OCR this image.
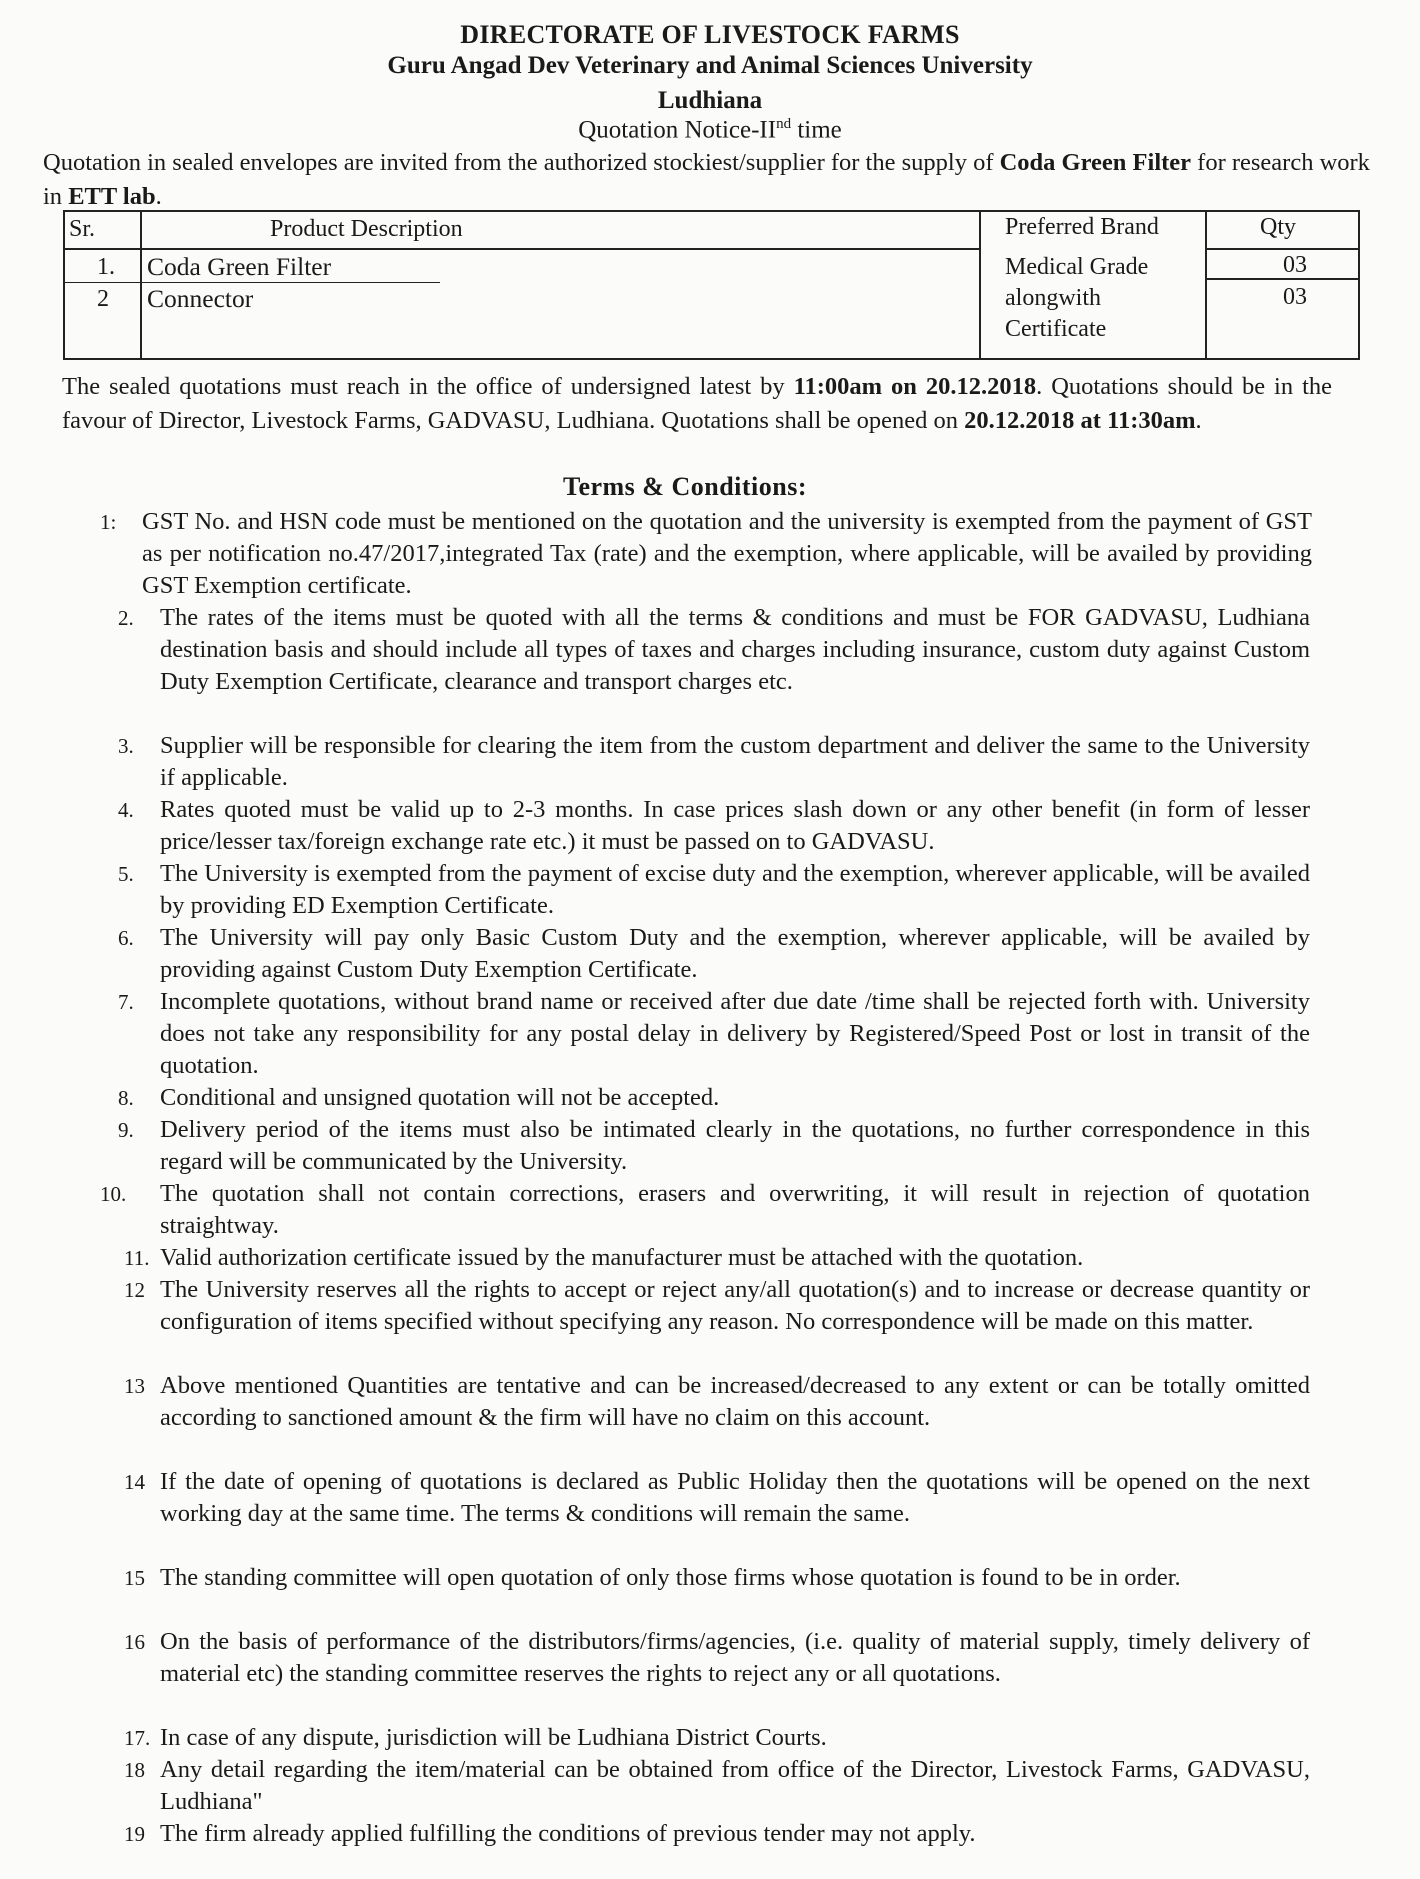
DIRECTORATE OF LIVESTOCK FARMS
Guru Angad Dev Veterinary and Animal Sciences University
Ludhiana
Quotation Notice-IInd time
Quotation in sealed envelopes are invited from the authorized stockiest/supplier for the supply of Coda Green Filter for research work in ETT lab.
Sr.	Product Description	Preferred Brand	Qty
1. Coda Green Filter	03
2 Connector	03
Medical Grade alongwith Certificate
The sealed quotations must reach in the office of undersigned latest by 11:00am on 20.12.2018. Quotations should be in the favour of Director, Livestock Farms, GADVASU, Ludhiana. Quotations shall be opened on 20.12.2018 at 11:30am.
Terms & Conditions:
1:	GST No. and HSN code must be mentioned on the quotation and the university is exempted from the payment of GST as per notification no.47/2017,integrated Tax (rate) and the exemption, where applicable, will be availed by providing GST Exemption certificate.
2.	The rates of the items must be quoted with all the terms & conditions and must be FOR GADVASU, Ludhiana destination basis and should include all types of taxes and charges including insurance, custom duty against Custom Duty Exemption Certificate, clearance and transport charges etc.
3.	Supplier will be responsible for clearing the item from the custom department and deliver the same to the University if applicable.
4.	Rates quoted must be valid up to 2-3 months. In case prices slash down or any other benefit (in form of lesser price/lesser tax/foreign exchange rate etc.) it must be passed on to GADVASU.
5.	The University is exempted from the payment of excise duty and the exemption, wherever applicable, will be availed by providing ED Exemption Certificate.
6.	The University will pay only Basic Custom Duty and the exemption, wherever applicable, will be availed by providing against Custom Duty Exemption Certificate.
7.	Incomplete quotations, without brand name or received after due date /time shall be rejected forth with. University does not take any responsibility for any postal delay in delivery by Registered/Speed Post or lost in transit of the quotation.
8.	Conditional and unsigned quotation will not be accepted.
9.	Delivery period of the items must also be intimated clearly in the quotations, no further correspondence in this regard will be communicated by the University.
10.	The quotation shall not contain corrections, erasers and overwriting, it will result in rejection of quotation straightway.
11. Valid authorization certificate issued by the manufacturer must be attached with the quotation.
12 The University reserves all the rights to accept or reject any/all quotation(s) and to increase or decrease quantity or configuration of items specified without specifying any reason. No correspondence will be made on this matter.
13 Above mentioned Quantities are tentative and can be increased/decreased to any extent or can be totally omitted according to sanctioned amount & the firm will have no claim on this account.
14 If the date of opening of quotations is declared as Public Holiday then the quotations will be opened on the next working day at the same time. The terms & conditions will remain the same.
15 The standing committee will open quotation of only those firms whose quotation is found to be in order.
16 On the basis of performance of the distributors/firms/agencies, (i.e. quality of material supply, timely delivery of material etc) the standing committee reserves the rights to reject any or all quotations.
17. In case of any dispute, jurisdiction will be Ludhiana District Courts.
18 Any detail regarding the item/material can be obtained from office of the Director, Livestock Farms, GADVASU, Ludhiana"
19 The firm already applied fulfilling the conditions of previous tender may not apply.
